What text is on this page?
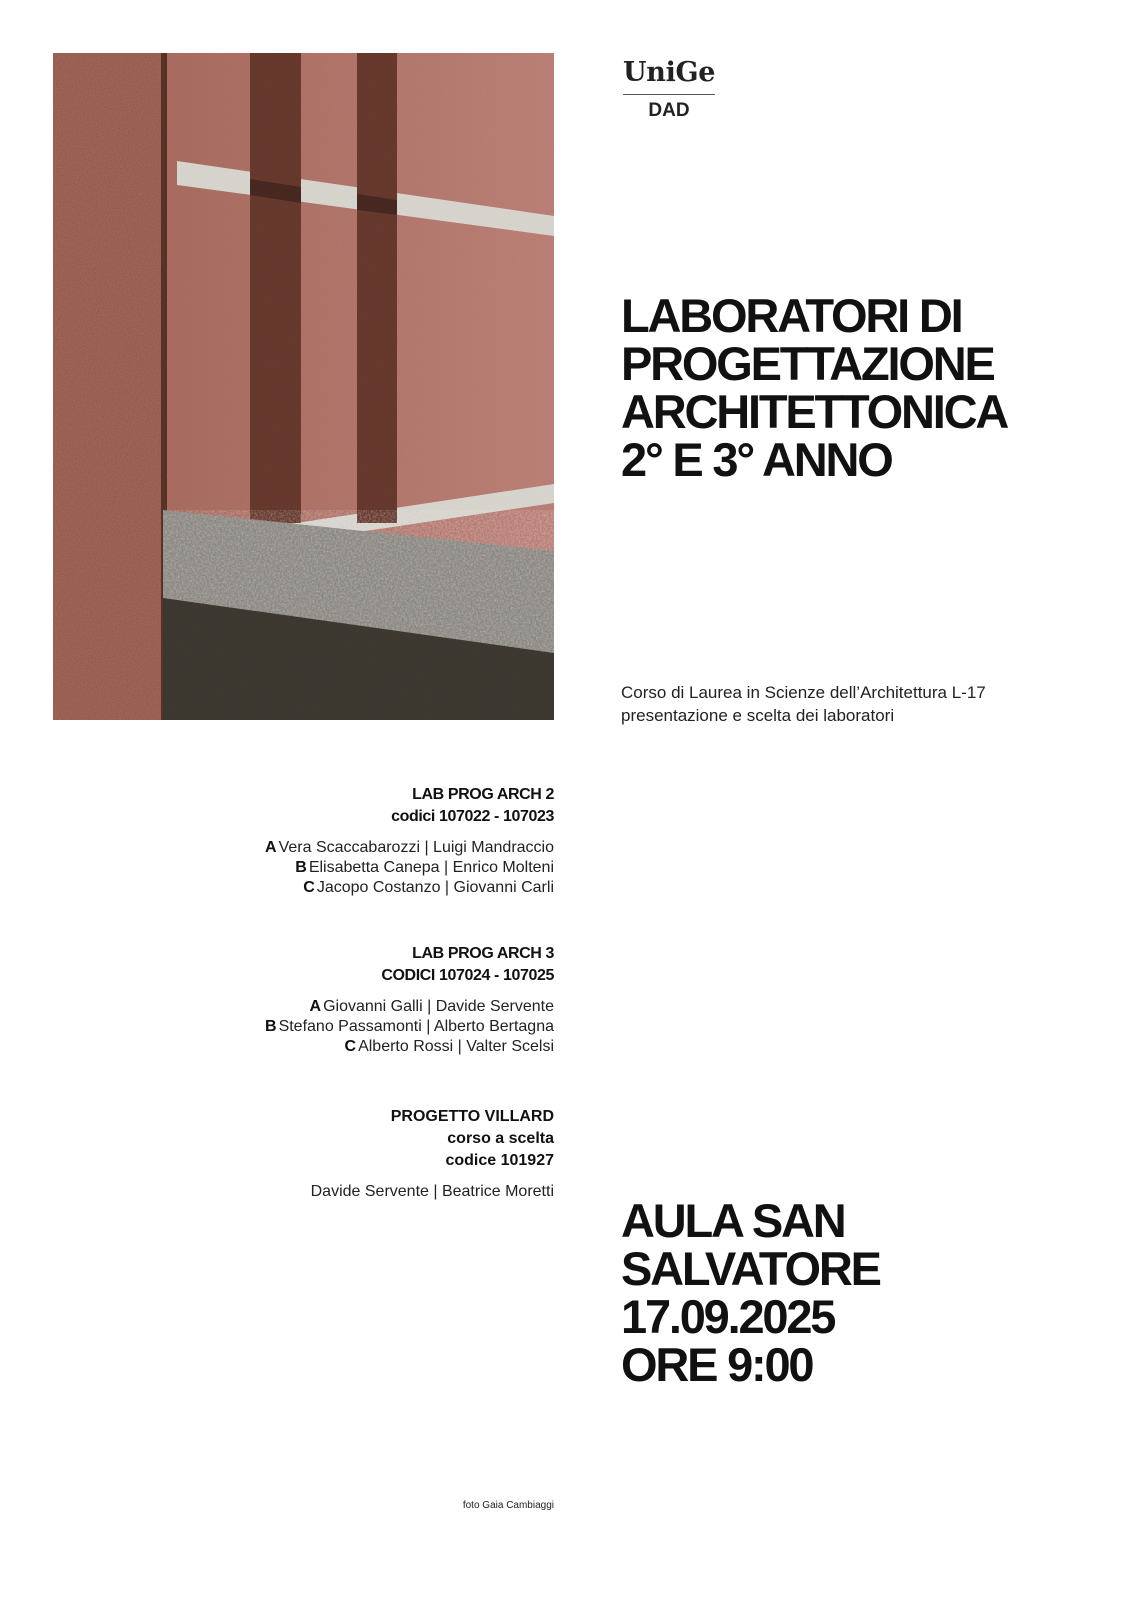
UniGe
DAD
LABORATORI DI
PROGETTAZIONE
ARCHITETTONICA
2° E 3° ANNO
Corso di Laurea in Scienze dell’Architettura L-17
presentazione e scelta dei laboratori
LAB PROG ARCH 2
codici 107022 - 107023
A Vera Scaccabarozzi | Luigi Mandraccio
B Elisabetta Canepa | Enrico Molteni
C Jacopo Costanzo | Giovanni Carli
LAB PROG ARCH 3
CODICI 107024 - 107025
A Giovanni Galli | Davide Servente
B Stefano Passamonti | Alberto Bertagna
C Alberto Rossi | Valter Scelsi
PROGETTO VILLARD
corso a scelta
codice 101927
Davide Servente | Beatrice Moretti
AULA SAN
SALVATORE
17.09.2025
ORE 9:00
foto Gaia Cambiaggi
